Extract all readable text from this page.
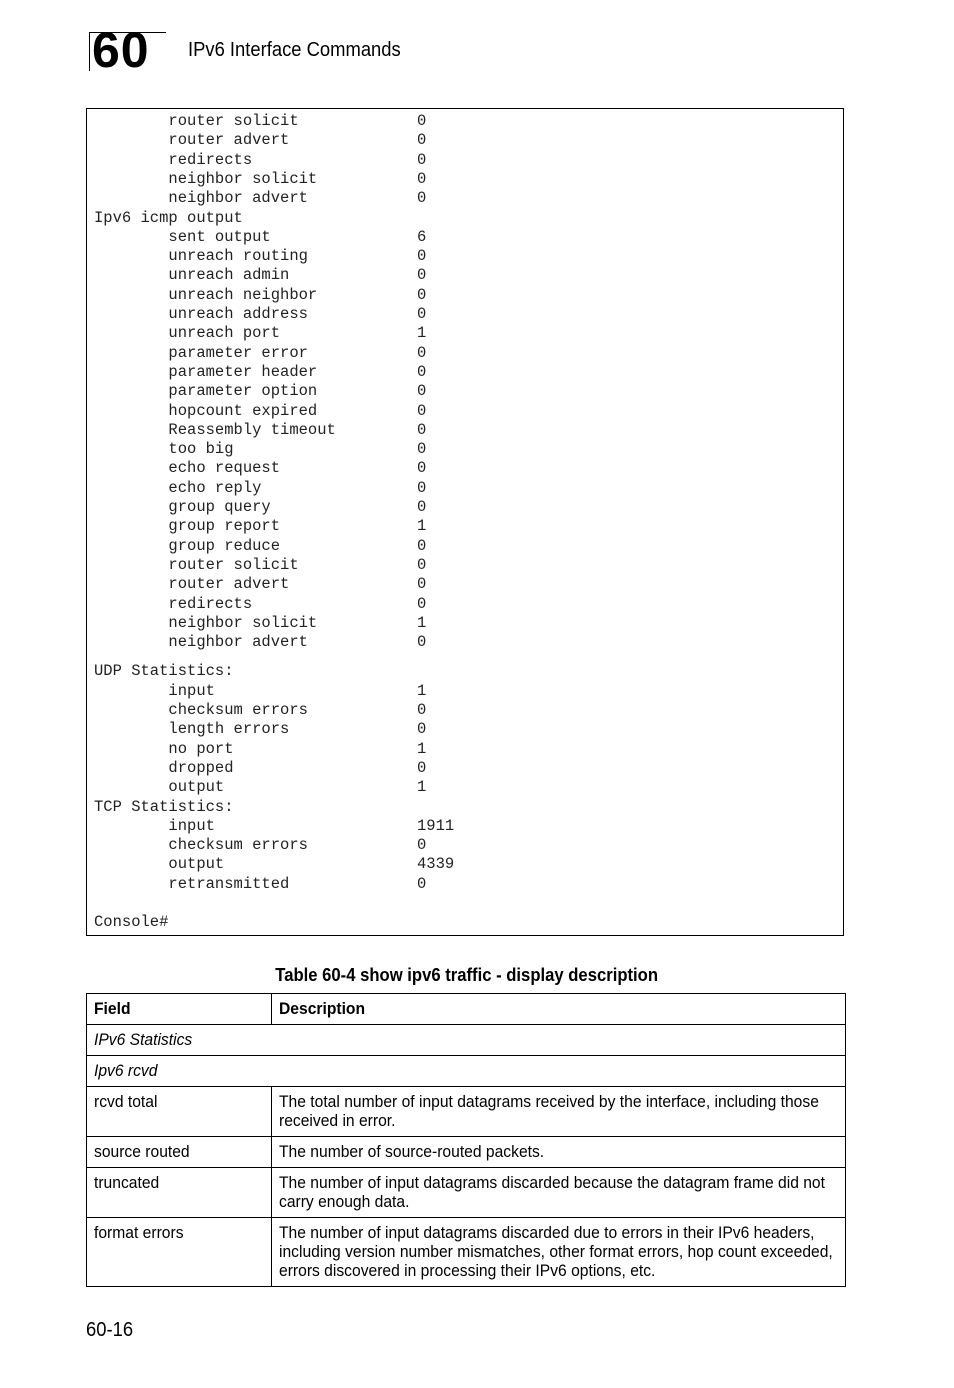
60 IPv6 Interface Commands
router solicit	0
router advert	0
redirects	0
neighbor solicit	0
neighbor advert	0
Ipv6 icmp output
sent output	6
unreach routing	0
unreach admin	0
unreach neighbor	0
unreach address	0
unreach port	1
parameter error	0
parameter header	0
parameter option	0
hopcount expired	0
Reassembly timeout	0
too big	0
echo request	0
echo reply	0
group query	0
group report	1
group reduce	0
router solicit	0
router advert	0
redirects	0
neighbor solicit	1
neighbor advert	0
UDP Statistics:
input	1
checksum errors	0
length errors	0
no port	1
dropped	0
output	1
TCP Statistics:
input	1911
checksum errors	0
output	4339
retransmitted	0
Console#
Table 60-4 show ipv6 traffic - display description
Field	Description
IPv6 Statistics	
Ipv6 rcvd	
rcvd total	The total number of input datagrams received by the interface, including those received in error.
source routed	The number of source-routed packets.
truncated	The number of input datagrams discarded because the datagram frame did not carry enough data.
format errors	The number of input datagrams discarded due to errors in their IPv6 headers, including version number mismatches, other format errors, hop count exceeded, errors discovered in processing their IPv6 options, etc.
60-16
